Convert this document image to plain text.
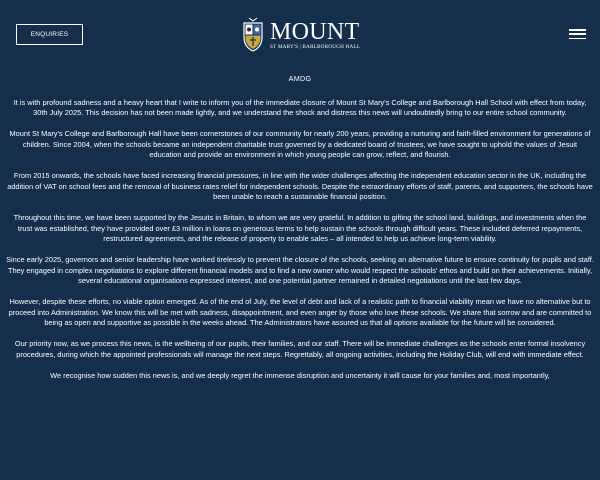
ENQUIRIES	MOUNT
ST MARY'S | BARLBOROUGH HALL
AMDG

It is with profound sadness and a heavy heart that I write to inform you of the immediate closure of Mount St Mary's College and Barlborough Hall School with effect from today, 30th July 2025. This decision has not been made lightly, and we understand the shock and distress this news will undoubtedly bring to our entire school community.

Mount St Mary's College and Barlborough Hall have been cornerstones of our community for nearly 200 years, providing a nurturing and faith-filled environment for generations of children. Since 2004, when the schools became an independent charitable trust governed by a dedicated board of trustees, we have sought to uphold the values of Jesuit education and provide an environment in which young people can grow, reflect, and flourish.

From 2015 onwards, the schools have faced increasing financial pressures, in line with the wider challenges affecting the independent education sector in the UK, including the addition of VAT on school fees and the removal of business rates relief for independent schools. Despite the extraordinary efforts of staff, parents, and supporters, the schools have been unable to reach a sustainable financial position.

Throughout this time, we have been supported by the Jesuits in Britain, to whom we are very grateful. In addition to gifting the school land, buildings, and investments when the trust was established, they have provided over £3 million in loans on generous terms to help sustain the schools through difficult years. These included deferred repayments, restructured agreements, and the release of property to enable sales – all intended to help us achieve long-term viability.

Since early 2025, governors and senior leadership have worked tirelessly to prevent the closure of the schools, seeking an alternative future to ensure continuity for pupils and staff. They engaged in complex negotiations to explore different financial models and to find a new owner who would respect the schools' ethos and build on their achievements. Initially, several educational organisations expressed interest, and one potential partner remained in detailed negotiations until the last few days.

However, despite these efforts, no viable option emerged. As of the end of July, the level of debt and lack of a realistic path to financial viability mean we have no alternative but to proceed into Administration. We know this will be met with sadness, disappointment, and even anger by those who love these schools. We share that sorrow and are committed to being as open and supportive as possible in the weeks ahead. The Administrators have assured us that all options available for the future will be considered.

Our priority now, as we process this news, is the wellbeing of our pupils, their families, and our staff. There will be immediate challenges as the schools enter formal insolvency procedures, during which the appointed professionals will manage the next steps. Regrettably, all ongoing activities, including the Holiday Club, will end with immediate effect.

We recognise how sudden this news is, and we deeply regret the immense disruption and uncertainty it will cause for your families and, most importantly,
